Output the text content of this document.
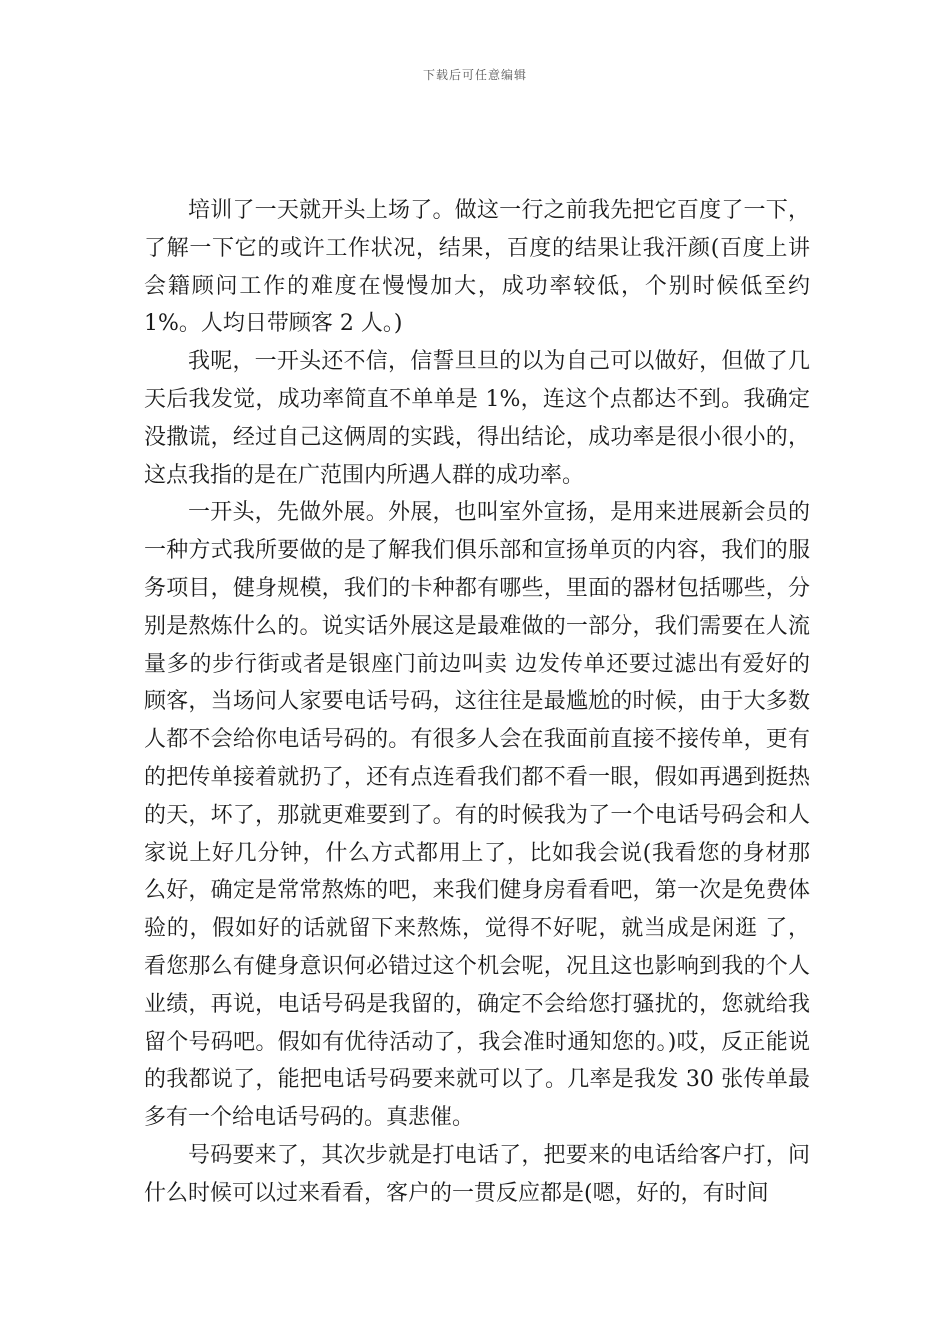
下载后可任意编辑

培训了一天就开头上场了。做这一行之前我先把它百度了一下，了解一下它的或许工作状况，结果，百度的结果让我汗颜(百度上讲会籍顾问工作的难度在慢慢加大，成功率较低，个别时候低至约1%。人均日带顾客 2 人。)

我呢，一开头还不信，信誓旦旦的以为自己可以做好，但做了几天后我发觉，成功率简直不单单是 1%，连这个点都达不到。我确定没撒谎，经过自己这俩周的实践，得出结论，成功率是很小很小的，这点我指的是在广范围内所遇人群的成功率。

一开头，先做外展。外展，也叫室外宣扬，是用来进展新会员的一种方式我所要做的是了解我们俱乐部和宣扬单页的内容，我们的服务项目，健身规模，我们的卡种都有哪些，里面的器材包括哪些，分别是熬炼什么的。说实话外展这是最难做的一部分，我们需要在人流量多的步行街或者是银座门前边叫卖 边发传单还要过滤出有爱好的顾客，当场问人家要电话号码，这往往是最尴尬的时候，由于大多数人都不会给你电话号码的。有很多人会在我面前直接不接传单，更有的把传单接着就扔了，还有点连看我们都不看一眼，假如再遇到挺热的天，坏了，那就更难要到了。有的时候我为了一个电话号码会和人家说上好几分钟，什么方式都用上了，比如我会说(我看您的身材那么好，确定是常常熬炼的吧，来我们健身房看看吧，第一次是免费体验的，假如好的话就留下来熬炼，觉得不好呢，就当成是闲逛 了，看您那么有健身意识何必错过这个机会呢，况且这也影响到我的个人业绩，再说，电话号码是我留的，确定不会给您打骚扰的，您就给我留个号码吧。假如有优待活动了，我会准时通知您的。)哎，反正能说的我都说了，能把电话号码要来就可以了。几率是我发 30 张传单最多有一个给电话号码的。真悲催。

号码要来了，其次步就是打电话了，把要来的电话给客户打，问什么时候可以过来看看，客户的一贯反应都是(嗯，好的，有时间
